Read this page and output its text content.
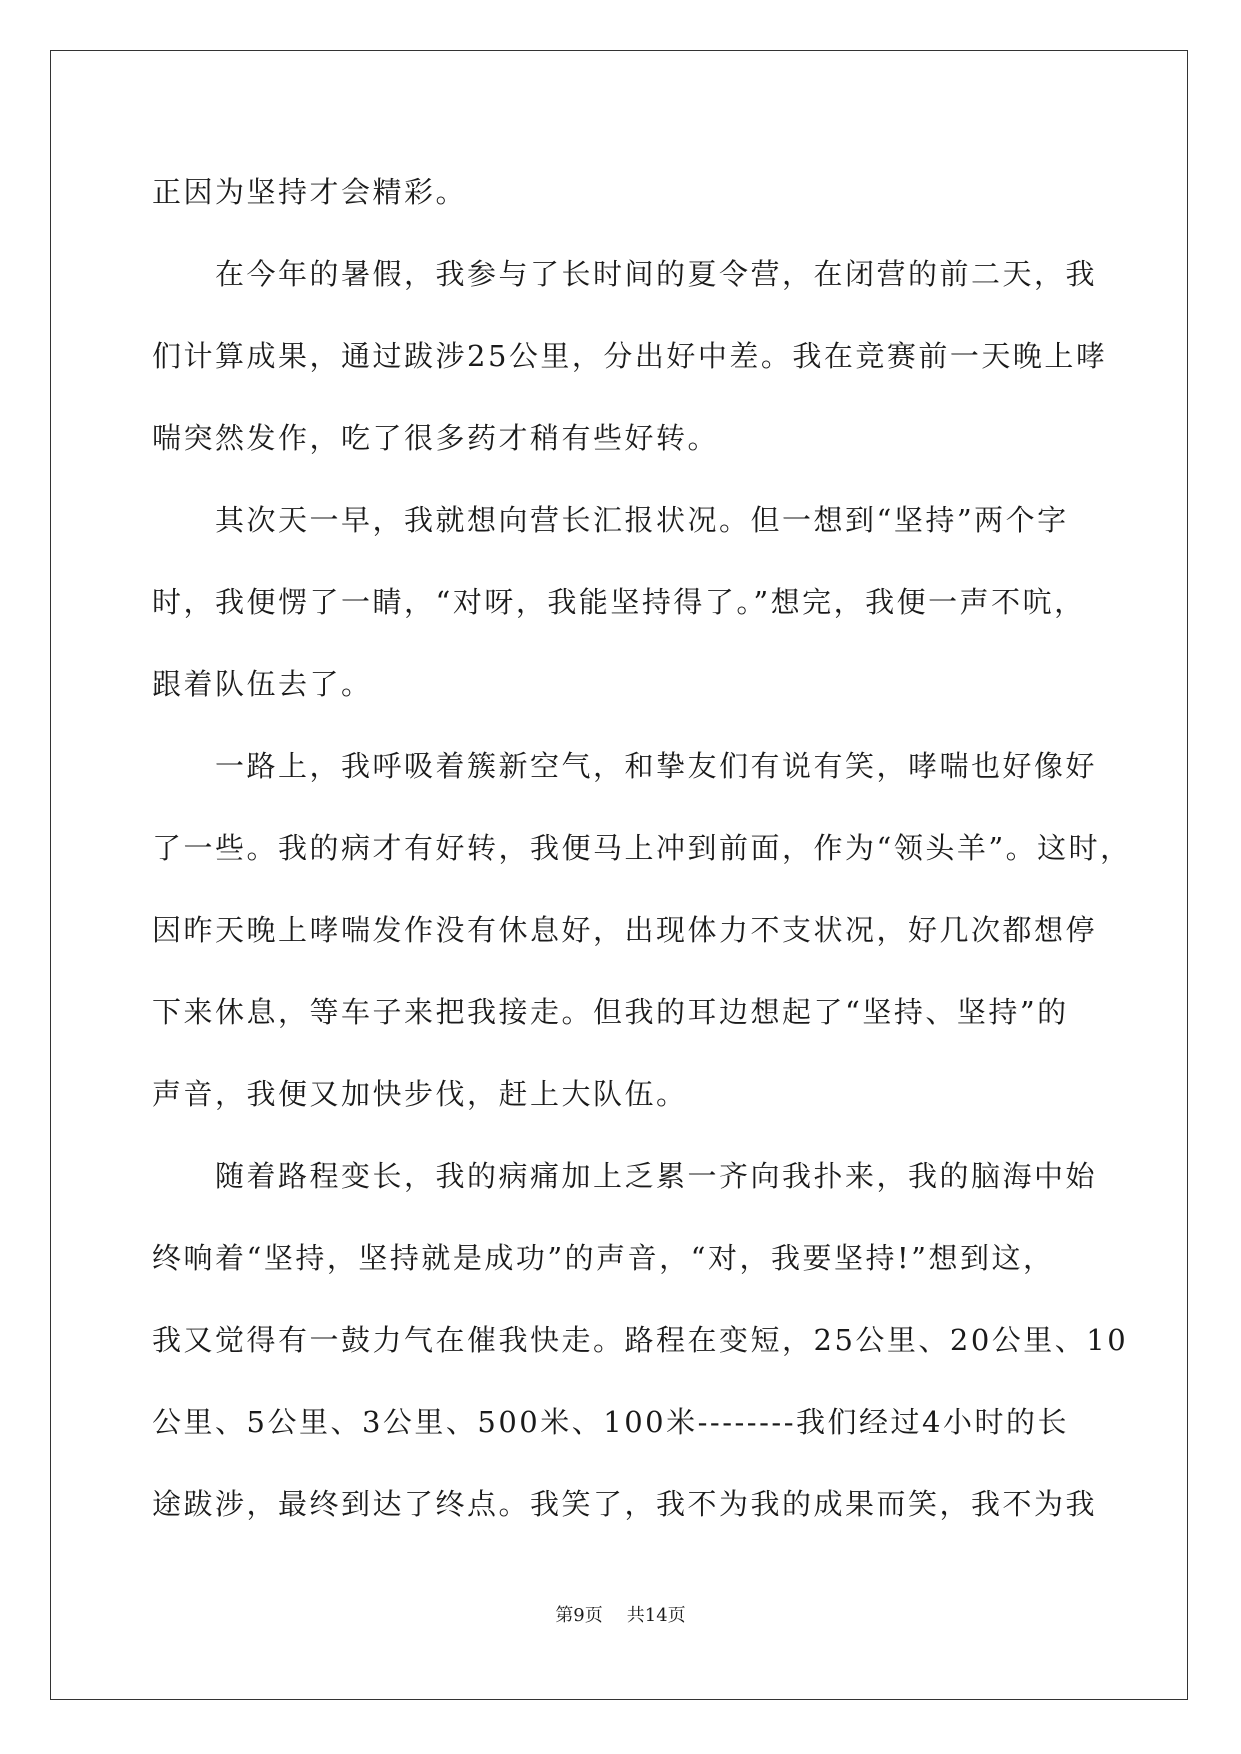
正因为坚持才会精彩。
在今年的暑假，我参与了长时间的夏令营，在闭营的前二天，我
们计算成果，通过跋涉25公里，分出好中差。我在竞赛前一天晚上哮
喘突然发作，吃了很多药才稍有些好转。
其次天一早，我就想向营长汇报状况。但一想到“坚持”两个字
时，我便愣了一睛，“对呀，我能坚持得了。”想完，我便一声不吭，
跟着队伍去了。
一路上，我呼吸着簇新空气，和挚友们有说有笑，哮喘也好像好
了一些。我的病才有好转，我便马上冲到前面，作为“领头羊”。这时，
因昨天晚上哮喘发作没有休息好，出现体力不支状况，好几次都想停
下来休息，等车子来把我接走。但我的耳边想起了“坚持、坚持”的
声音，我便又加快步伐，赶上大队伍。
随着路程变长，我的病痛加上乏累一齐向我扑来，我的脑海中始
终响着“坚持，坚持就是成功”的声音，“对，我要坚持!”想到这，
我又觉得有一鼓力气在催我快走。路程在变短，25公里、20公里、10
公里、5公里、3公里、500米、100米--------我们经过4小时的长
途跋涉，最终到达了终点。我笑了，我不为我的成果而笑，我不为我
第9页 共14页
